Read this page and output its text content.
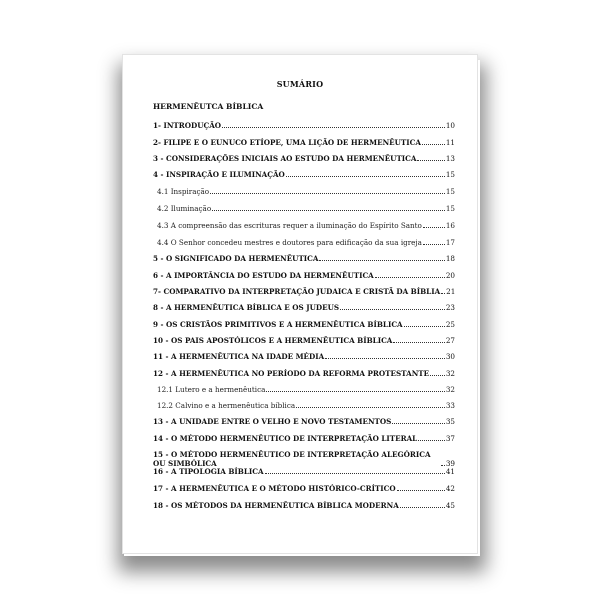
SUMÁRIO
HERMENÊUTCA BÍBLICA
1- INTRODUÇÃO	10
2- FILIPE E O EUNUCO ETÍOPE, UMA LIÇÃO DE HERMENÊUTICA	11
3 - CONSIDERAÇÕES INICIAIS AO ESTUDO DA HERMENÊUTICA	13
4 - INSPIRAÇÃO E ILUMINAÇÃO	15
4.1 Inspiração	15
4.2 Iluminação	15
4.3 A compreensão das escrituras requer a iluminação do Espírito Santo	16
4.4 O Senhor concedeu mestres e doutores para edificação da sua igreja	17
5 - O SIGNIFICADO DA HERMENÊUTICA	18
6 - A IMPORTÂNCIA DO ESTUDO DA HERMENÊUTICA	20
7- COMPARATIVO DA INTERPRETAÇÃO JUDAICA E CRISTÃ DA BÍBLIA 21
8 - A HERMENÊUTICA BÍBLICA E OS JUDEUS	23
9 - OS CRISTÃOS PRIMITIVOS E A HERMENÊUTICA BÍBLICA	25
10 - OS PAIS APOSTÓLICOS E A HERMENÊUTICA BÍBLICA	27
11 - A HERMENÊUTICA NA IDADE MÉDIA	30
12 - A HERMENÊUTICA NO PERÍODO DA REFORMA PROTESTANTE 32
12.1 Lutero e a hermenêutica	32
12.2 Calvino e a hermenêutica bíblica	33
13 - A UNIDADE ENTRE O VELHO E NOVO TESTAMENTOS	35
14 - O MÉTODO HERMENÊUTICO DE INTERPRETAÇÃO LITERAL	37
15 - O MÉTODO HERMENÊUTICO DE INTERPRETAÇÃO ALEGÓRICA OU SIMBÓLICA	39
16 - A TIPOLOGIA BÍBLICA	41
17 - A HERMENÊUTICA E O MÉTODO HISTÓRICO-CRÍTICO	42
18 - OS MÉTODOS DA HERMENÊUTICA BÍBLICA MODERNA	45
